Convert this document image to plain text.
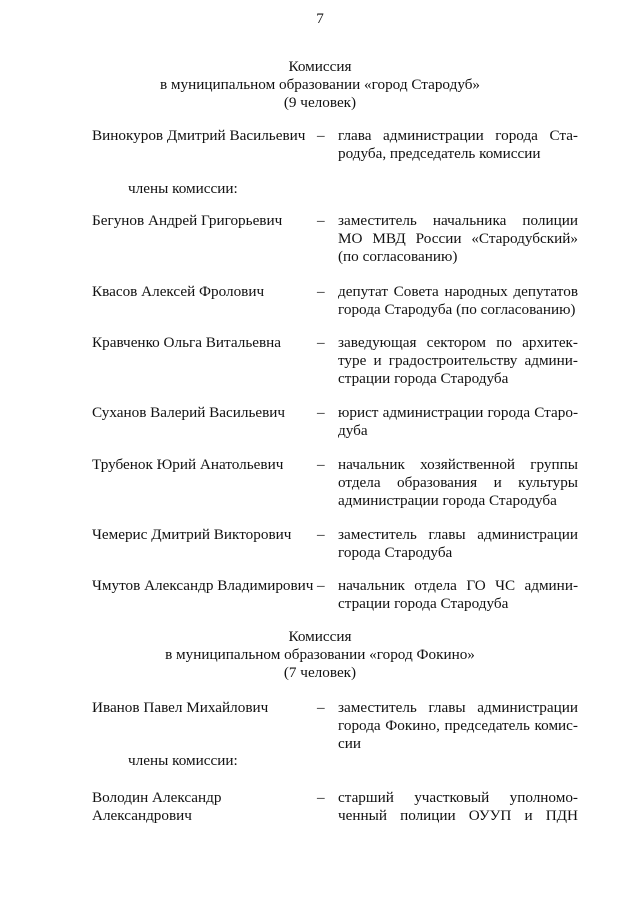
7
Комиссия
в муниципальном образовании «город Стародуб»
(9 человек)
Винокуров Дмитрий Васильевич – глава администрации города Ста-
родуба, председатель комиссии
члены комиссии:
Бегунов Андрей Григорьевич	– заместитель начальника полиции
МО МВД России «Стародубский»
(по согласованию)
Квасов Алексей Фролович	– депутат Совета народных депутатов
города Стародуба (по согласованию)
Кравченко Ольга Витальевна	– заведующая сектором по архитек-
туре и градостроительству админи-
страции города Стародуба
Суханов Валерий Васильевич	– юрист администрации города Старо-
дуба
Трубенок Юрий Анатольевич	– начальник хозяйственной группы
отдела образования и культуры
администрации города Стародуба
Чемерис Дмитрий Викторович	– заместитель главы администрации
города Стародуба
Чмутов Александр Владимирович – начальник отдела ГО ЧС админи-
страции города Стародуба
Комиссия
в муниципальном образовании «город Фокино»
(7 человек)
Иванов Павел Михайлович	– заместитель главы администрации
города Фокино, председатель комис-
сии
члены комиссии:
Володин Александр
Александрович
– старший участковый уполномо-
ченный полиции ОУУП и ПДН
